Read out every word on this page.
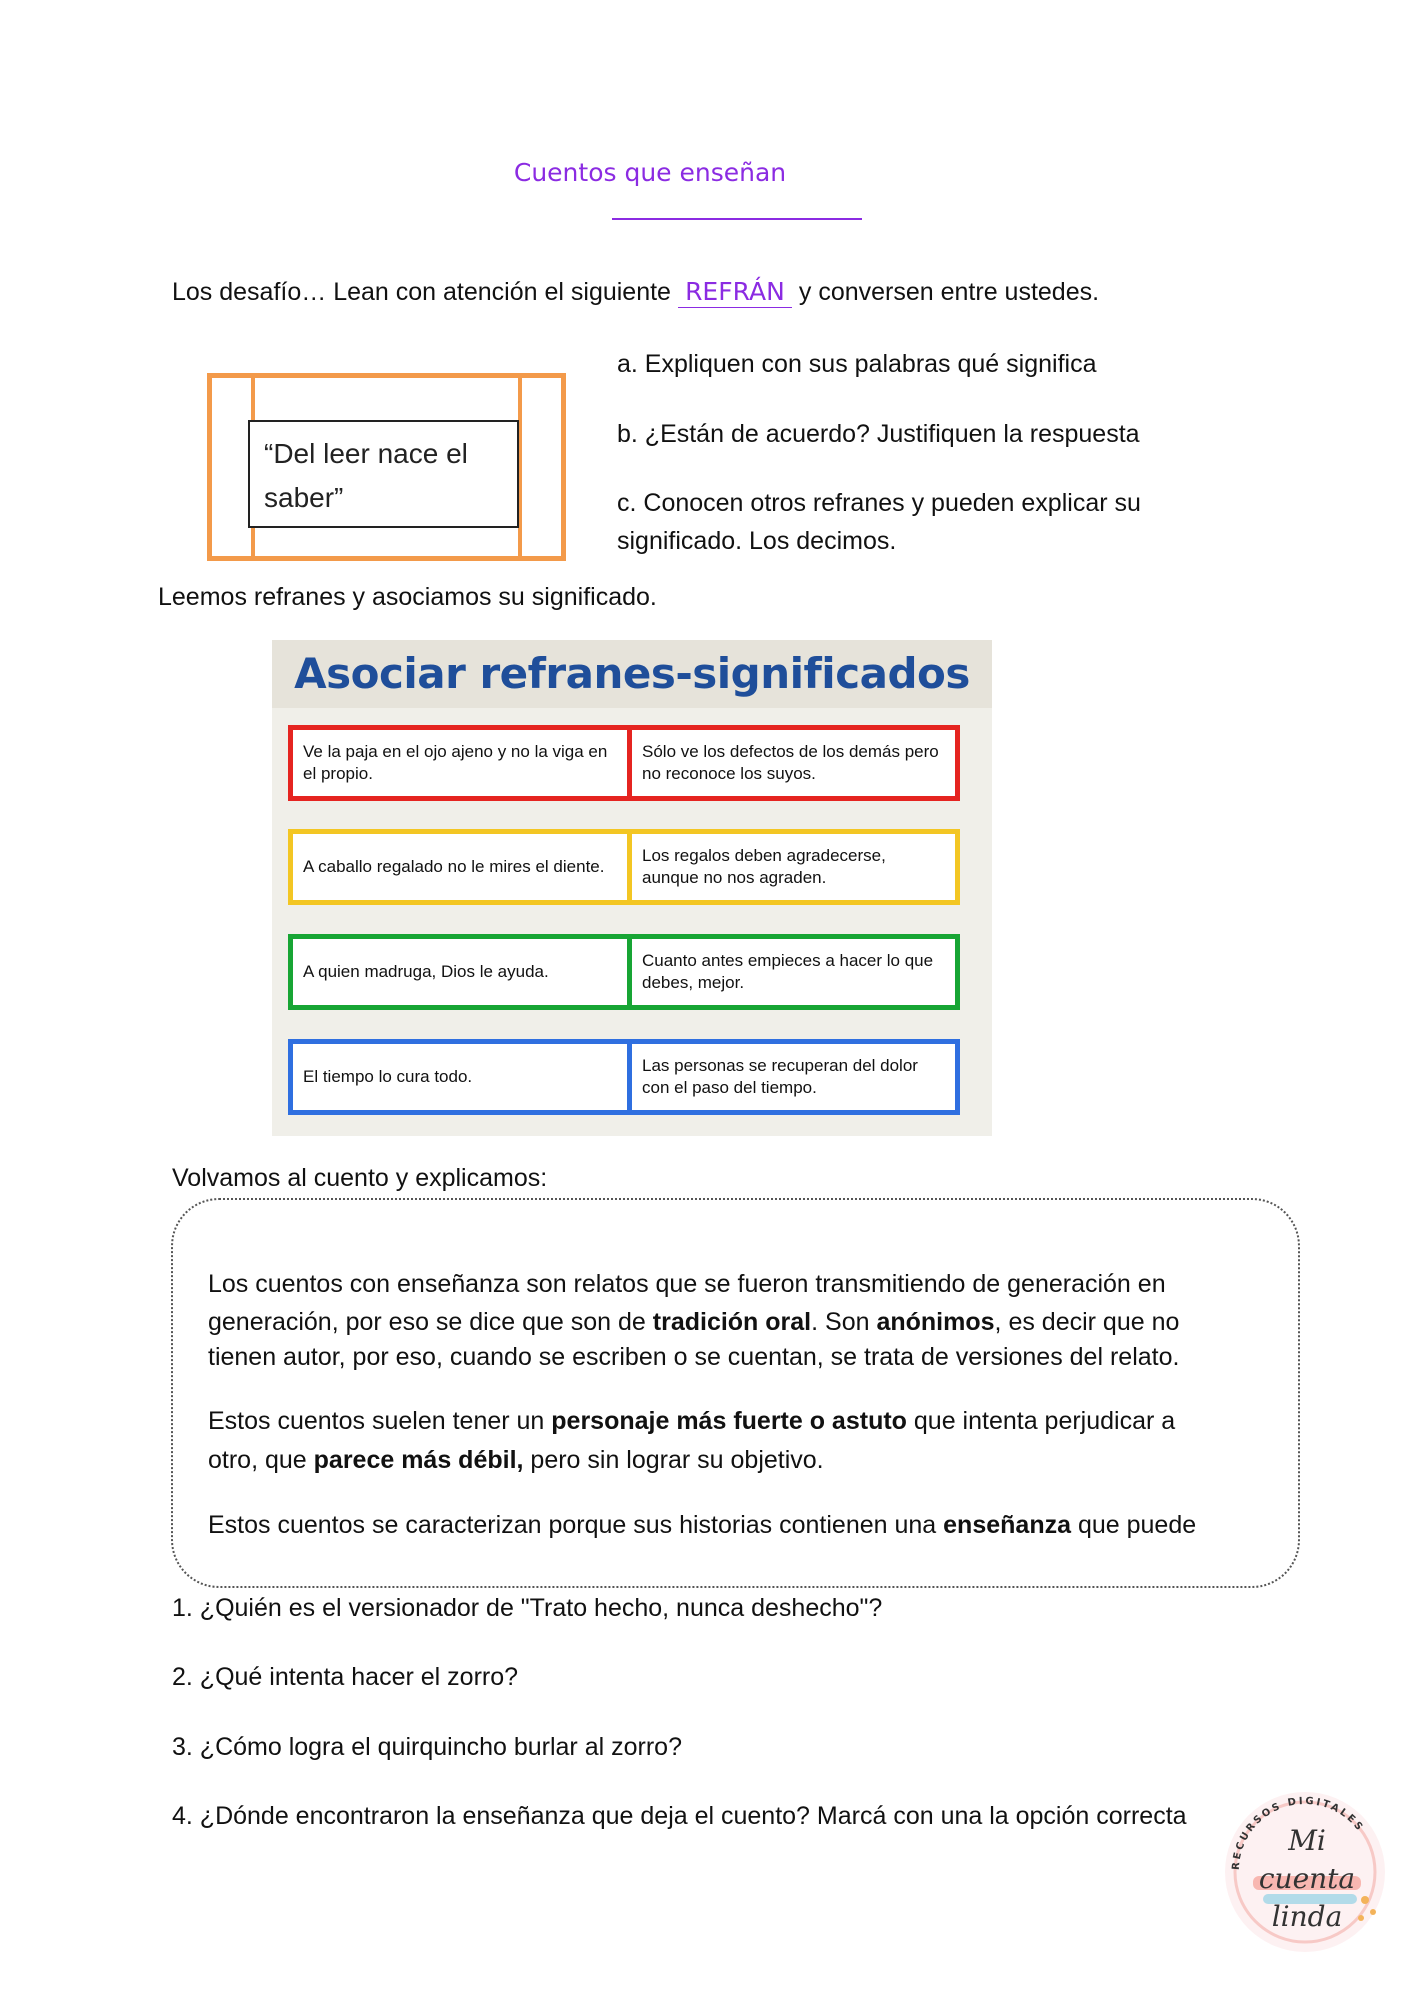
Cuentos que enseñan
Los desafío… Lean con atención el siguiente REFRÁN y conversen entre ustedes.
“Del leer nace el
saber”
a. Expliquen con sus palabras qué significa
b. ¿Están de acuerdo? Justifiquen la respuesta
c. Conocen otros refranes y pueden explicar su
significado. Los decimos.
Leemos refranes y asociamos su significado.
Asociar refranes-significados
Ve la paja en el ojo ajeno y no la viga en el propio.
Sólo ve los defectos de los demás pero no reconoce los suyos.
A caballo regalado no le mires el diente.
Los regalos deben agradecerse, aunque no nos agraden.
A quien madruga, Dios le ayuda.
Cuanto antes empieces a hacer lo que debes, mejor.
El tiempo lo cura todo.
Las personas se recuperan del dolor con el paso del tiempo.
Volvamos al cuento y explicamos:
Los cuentos con enseñanza son relatos que se fueron transmitiendo de generación en
generación, por eso se dice que son de tradición oral. Son anónimos, es decir que no
tienen autor, por eso, cuando se escriben o se cuentan, se trata de versiones del relato.
Estos cuentos suelen tener un personaje más fuerte o astuto que intenta perjudicar a
otro, que parece más débil, pero sin lograr su objetivo.
Estos cuentos se caracterizan porque sus historias contienen una enseñanza que puede
1. ¿Quién es el versionador de "Trato hecho, nunca deshecho"?
2. ¿Qué intenta hacer el zorro?
3. ¿Cómo logra el quirquincho burlar al zorro?
4. ¿Dónde encontraron la enseñanza que deja el cuento? Marcá con una la opción correcta
RECURSOS DIGITALES
Mi
cuenta
linda
